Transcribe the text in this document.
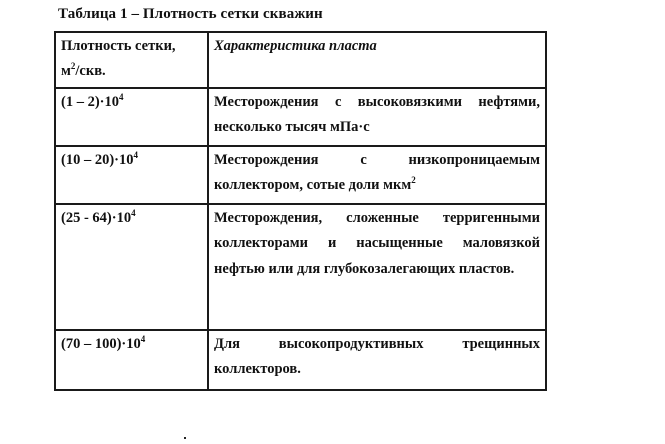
Таблица 1 – Плотность сетки скважин
Плотность сетки,
$м^2$/скв.	Характеристика пласта
$(1 - 2)\cdot 10^4$	Месторождения с высоковязкими нефтями, несколько тысяч мПа·с
$(10 - 20)\cdot 10^4$	Месторождения с низкопроницаемым коллектором, сотые доли мкм$^2$
$(25 - 64)\cdot 10^4$	Месторождения, сложенные терригенными коллекторами и насыщенные маловязкой нефтью или для глубокозалегающих пластов.
$(70 - 100)\cdot 10^4$	Для высокопродуктивных трещинных коллекторов.
